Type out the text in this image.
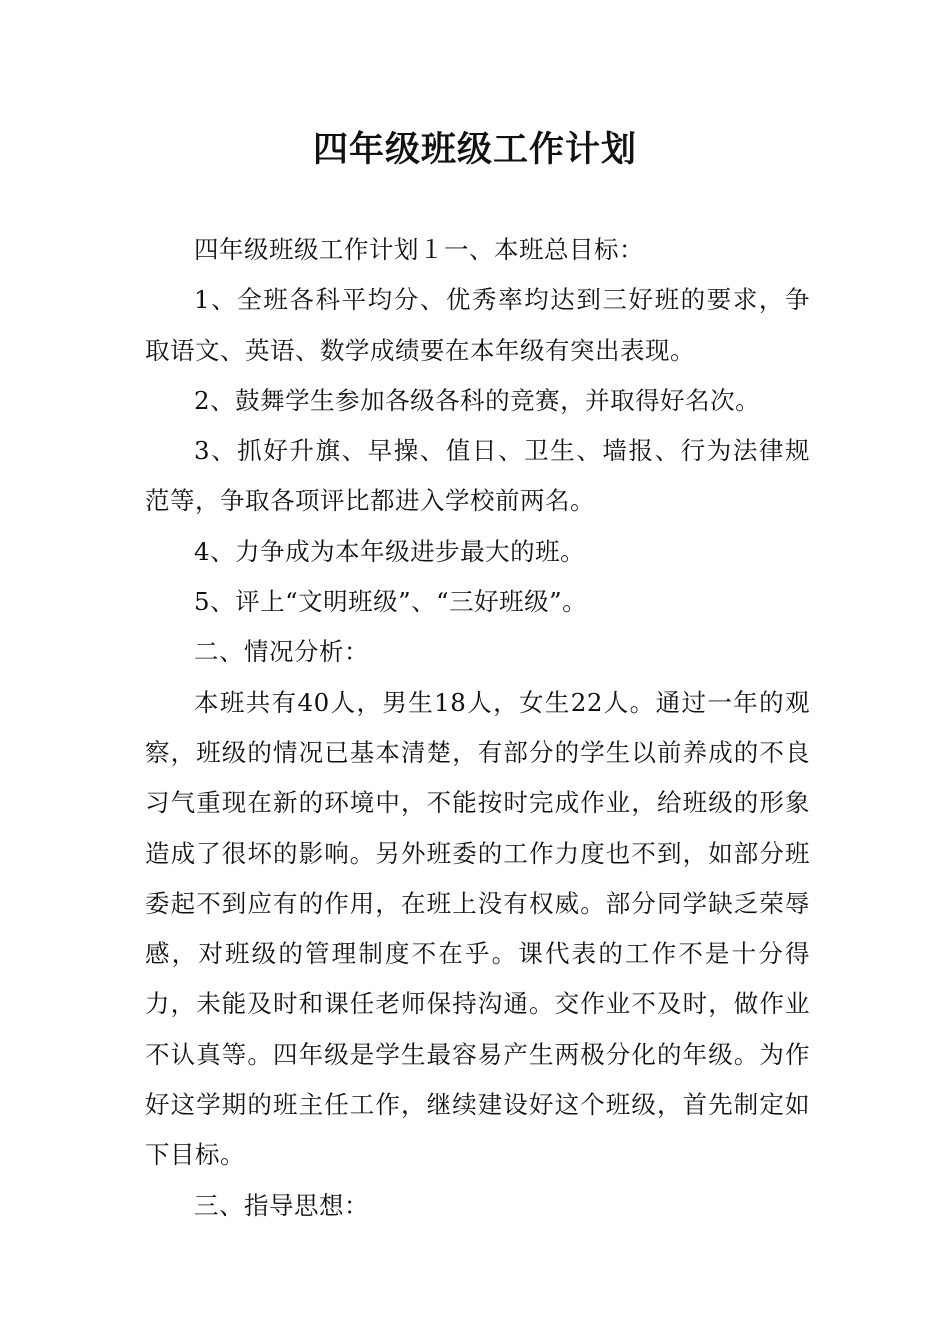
四年级班级工作计划

四年级班级工作计划１一、本班总目标：

1、全班各科平均分、优秀率均达到三好班的要求，争取语文、英语、数学成绩要在本年级有突出表现。

2、鼓舞学生参加各级各科的竞赛，并取得好名次。

3、抓好升旗、早操、值日、卫生、墙报、行为法律规范等，争取各项评比都进入学校前两名。

4、力争成为本年级进步最大的班。

5、评上“文明班级”、“三好班级”。

二、情况分析：

本班共有40人，男生18人，女生22人。通过一年的观察，班级的情况已基本清楚，有部分的学生以前养成的不良习气重现在新的环境中，不能按时完成作业，给班级的形象造成了很坏的影响。另外班委的工作力度也不到，如部分班委起不到应有的作用，在班上没有权威。部分同学缺乏荣辱感，对班级的管理制度不在乎。课代表的工作不是十分得力，未能及时和课任老师保持沟通。交作业不及时，做作业不认真等。四年级是学生最容易产生两极分化的年级。为作好这学期的班主任工作，继续建设好这个班级，首先制定如下目标。

三、指导思想：
